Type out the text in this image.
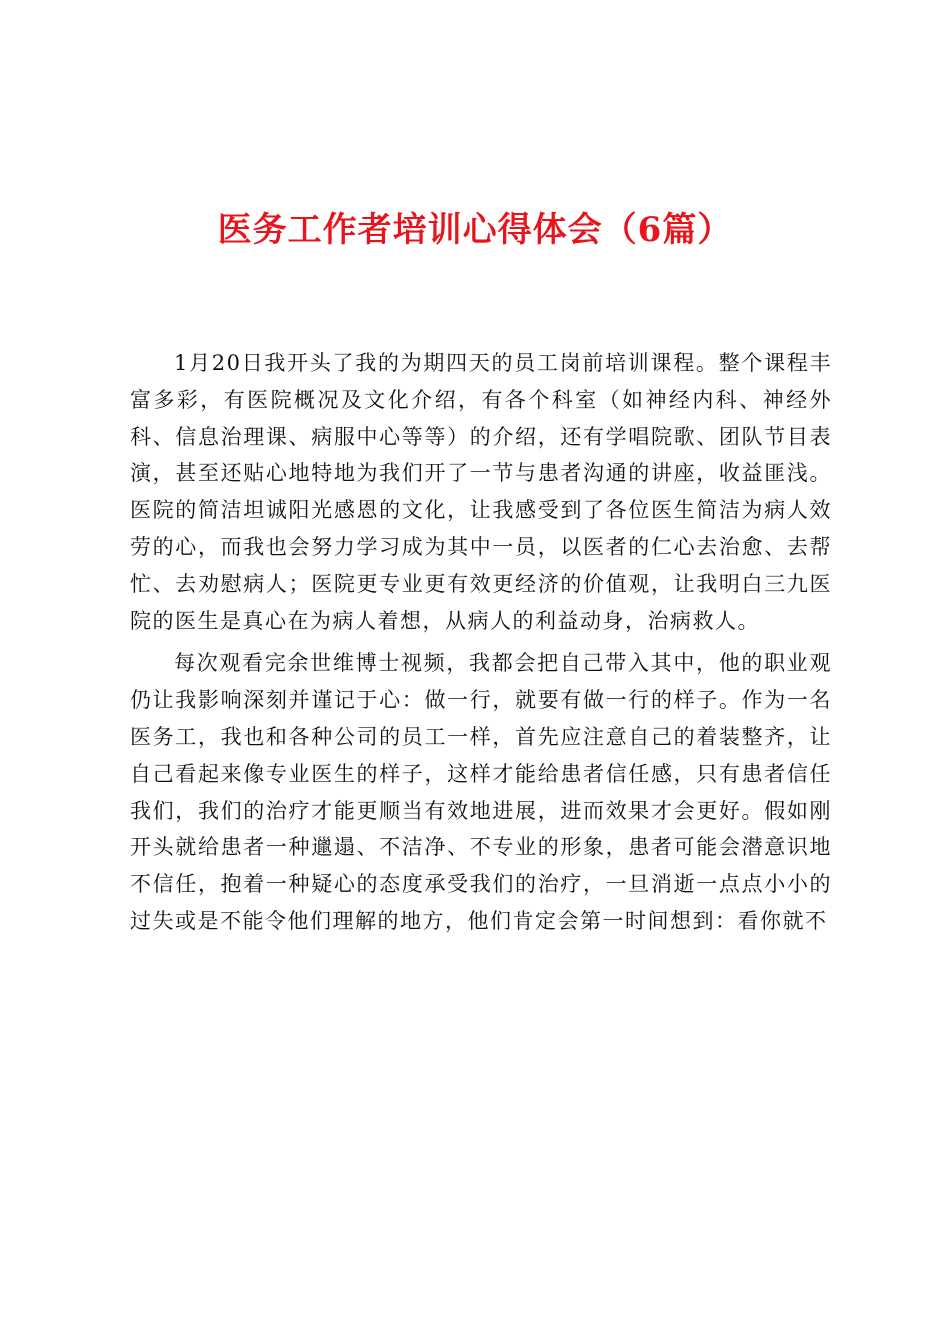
医务工作者培训心得体会（6篇）

1月20日我开头了我的为期四天的员工岗前培训课程。整个课程丰富多彩，有医院概况及文化介绍，有各个科室（如神经内科、神经外科、信息治理课、病服中心等等）的介绍，还有学唱院歌、团队节目表演，甚至还贴心地特地为我们开了一节与患者沟通的讲座，收益匪浅。医院的简洁坦诚阳光感恩的文化，让我感受到了各位医生简洁为病人效劳的心，而我也会努力学习成为其中一员，以医者的仁心去治愈、去帮忙、去劝慰病人；医院更专业更有效更经济的价值观，让我明白三九医院的医生是真心在为病人着想，从病人的利益动身，治病救人。

每次观看完余世维博士视频，我都会把自己带入其中，他的职业观仍让我影响深刻并谨记于心：做一行，就要有做一行的样子。作为一名医务工，我也和各种公司的员工一样，首先应注意自己的着装整齐，让自己看起来像专业医生的样子，这样才能给患者信任感，只有患者信任我们，我们的治疗才能更顺当有效地进展，进而效果才会更好。假如刚开头就给患者一种邋遢、不洁净、不专业的形象，患者可能会潜意识地不信任，抱着一种疑心的态度承受我们的治疗，一旦消逝一点点小小的过失或是不能令他们理解的地方，他们肯定会第一时间想到：看你就不
